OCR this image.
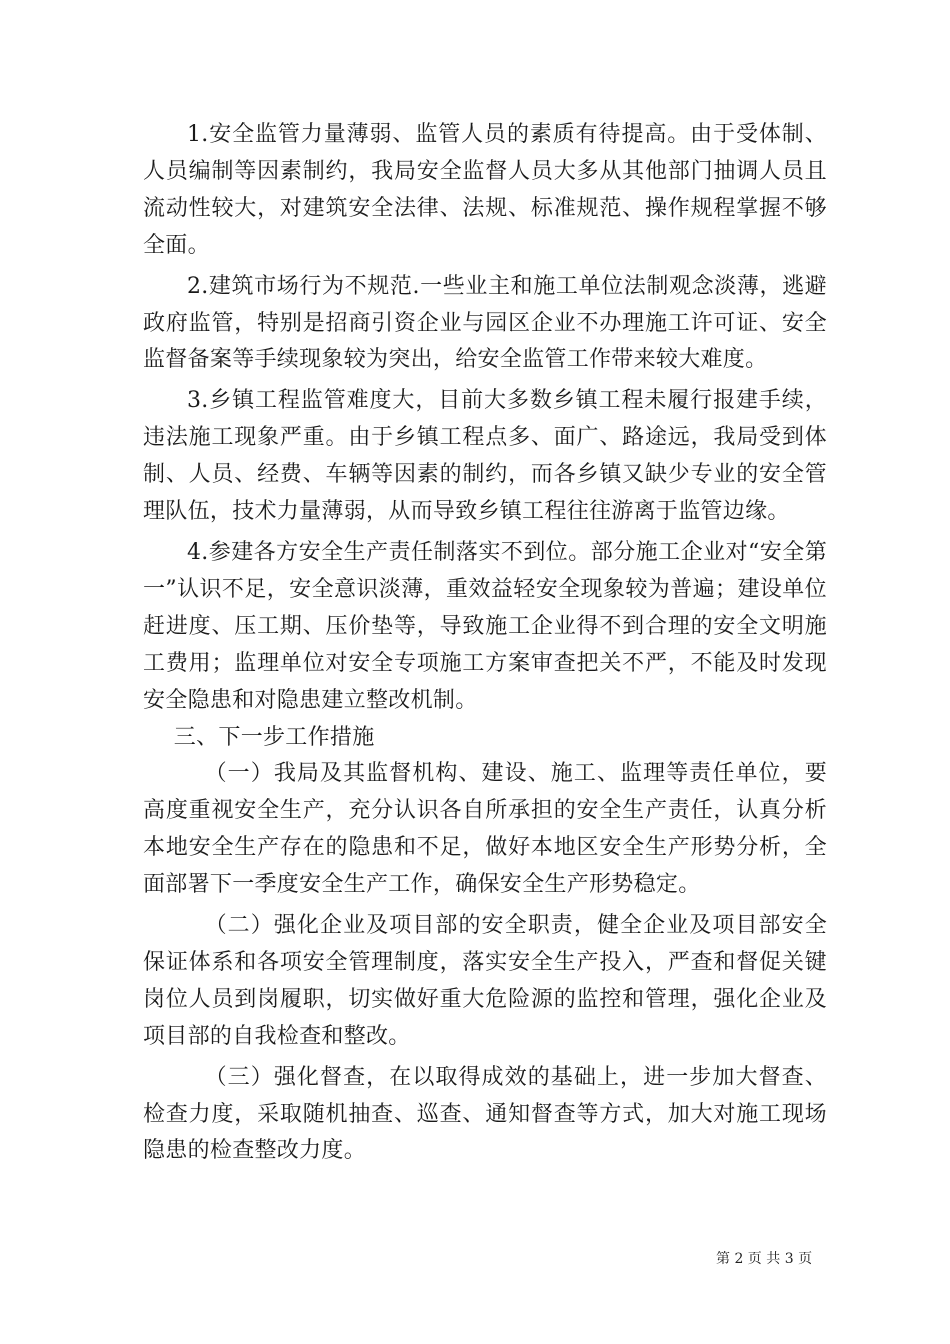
1.安全监管力量薄弱、监管人员的素质有待提高。由于受体制、人员编制等因素制约，我局安全监督人员大多从其他部门抽调人员且流动性较大，对建筑安全法律、法规、标准规范、操作规程掌握不够全面。

2.建筑市场行为不规范.一些业主和施工单位法制观念淡薄，逃避政府监管，特别是招商引资企业与园区企业不办理施工许可证、安全监督备案等手续现象较为突出，给安全监管工作带来较大难度。

3.乡镇工程监管难度大，目前大多数乡镇工程未履行报建手续，违法施工现象严重。由于乡镇工程点多、面广、路途远，我局受到体制、人员、经费、车辆等因素的制约，而各乡镇又缺少专业的安全管理队伍，技术力量薄弱，从而导致乡镇工程往往游离于监管边缘。

4.参建各方安全生产责任制落实不到位。部分施工企业对“安全第一”认识不足，安全意识淡薄，重效益轻安全现象较为普遍；建设单位赶进度、压工期、压价垫等，导致施工企业得不到合理的安全文明施工费用；监理单位对安全专项施工方案审查把关不严，不能及时发现安全隐患和对隐患建立整改机制。

三、下一步工作措施

（一）我局及其监督机构、建设、施工、监理等责任单位，要高度重视安全生产，充分认识各自所承担的安全生产责任，认真分析本地安全生产存在的隐患和不足，做好本地区安全生产形势分析，全面部署下一季度安全生产工作，确保安全生产形势稳定。

（二）强化企业及项目部的安全职责，健全企业及项目部安全保证体系和各项安全管理制度，落实安全生产投入，严查和督促关键岗位人员到岗履职，切实做好重大危险源的监控和管理，强化企业及项目部的自我检查和整改。

（三）强化督查，在以取得成效的基础上，进一步加大督查、检查力度，采取随机抽查、巡查、通知督查等方式，加大对施工现场隐患的检查整改力度。

第 2 页 共 3 页
